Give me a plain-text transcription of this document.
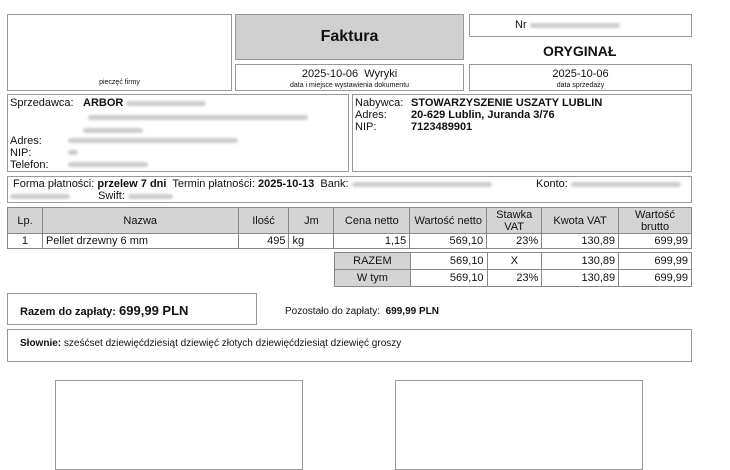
pieczęć firmy
Faktura
Nr
ORYGINAŁ
2025-10-06  Wyryki
data i miejsce wystawienia dokumentu
2025-10-06
data sprzedaży
Sprzedawca: ARBOR
Adres:
NIP:
Telefon:
Nabywca: STOWARZYSZENIE USZATY LUBLIN
Adres: 20-629 Lublin, Juranda 3/76
NIP:	7123489901
Forma płatności: przelew 7 dni Termin płatności: 2025-10-13 Bank:	Konto:
Swift:
Lp.	Nazwa	Ilość	Jm	Cena netto	Wartość netto	Stawka VAT	Kwota VAT	Wartość brutto
1	Pellet drzewny 6 mm	495	kg	1,15	569,10	23%	130,89	699,99
RAZEM	569,10	X	130,89	699,99
W tym	569,10	23%	130,89	699,99
Razem do zapłaty: 699,99 PLN	Pozostało do zapłaty: 699,99 PLN
Słownie: sześćset dziewięćdziesiąt dziewięć złotych dziewięćdziesiąt dziewięć groszy
